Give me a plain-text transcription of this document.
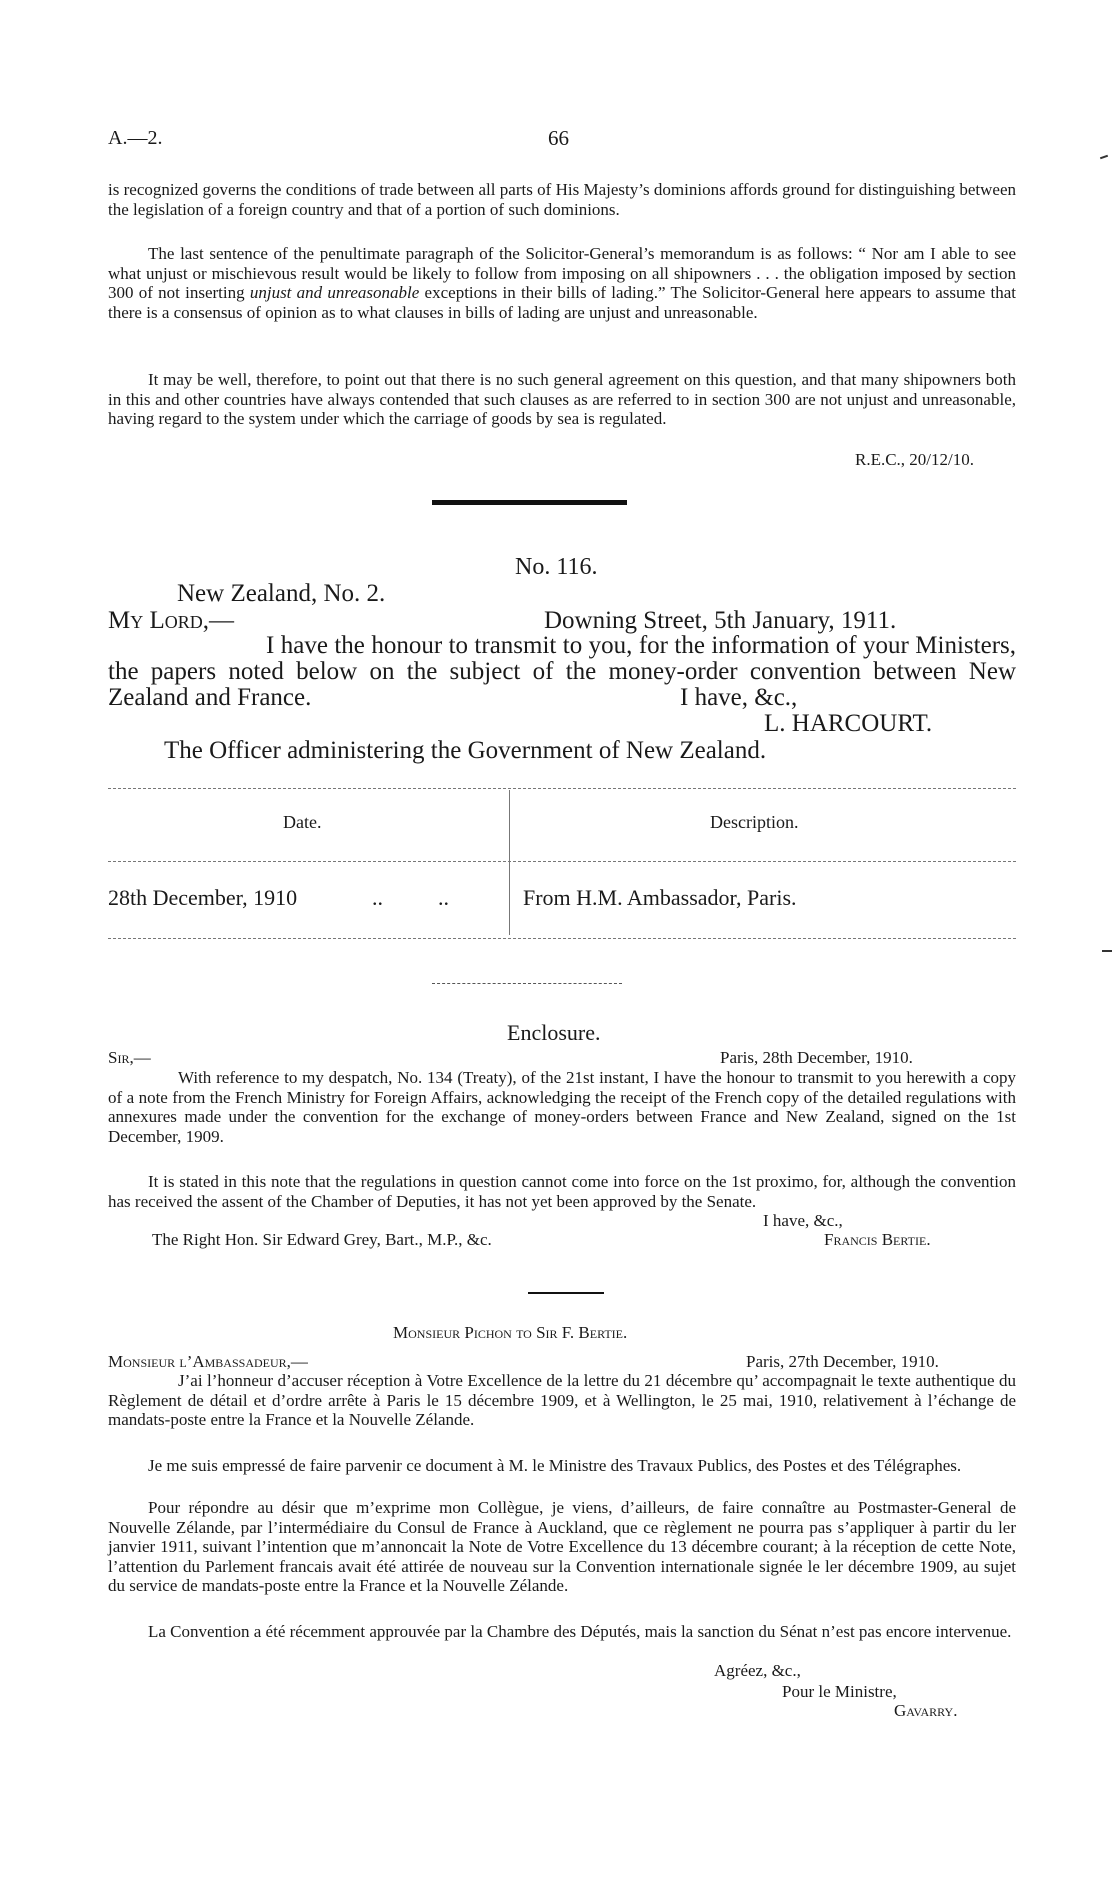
A.—2.	66

is recognized governs the conditions of trade between all parts of His Majesty’s dominions affords ground for distinguishing between the legislation of a foreign country and that of a portion of such dominions.

The last sentence of the penultimate paragraph of the Solicitor-General’s memorandum is as follows: “ Nor am I able to see what unjust or mischievous result would be likely to follow from imposing on all shipowners . . . the obligation imposed by section 300 of not inserting unjust and unreasonable exceptions in their bills of lading.” The Solicitor-General here appears to assume that there is a consensus of opinion as to what clauses in bills of lading are unjust and unreasonable.

It may be well, therefore, to point out that there is no such general agreement on this question, and that many shipowners both in this and other countries have always contended that such clauses as are referred to in section 300 are not unjust and unreasonable, having regard to the system under which the carriage of goods by sea is regulated.

R.E.C., 20/12/10.
No. 116.
New Zealand, No. 2.
My Lord,—	Downing Street, 5th January, 1911.

I have the honour to transmit to you, for the information of your Ministers, the papers noted below on the subject of the money-order convention between New Zealand and France.	I have, &c.,
L. HARCOURT.
The Officer administering the Government of New Zealand.
Date.	Description.
28th December, 1910	..          ..	From H.M. Ambassador, Paris.
Enclosure.
Sir,—	Paris, 28th December, 1910.

With reference to my despatch, No. 134 (Treaty), of the 21st instant, I have the honour to transmit to you herewith a copy of a note from the French Ministry for Foreign Affairs, acknowledging the receipt of the French copy of the detailed regulations with annexures made under the convention for the exchange of money-orders between France and New Zealand, signed on the 1st December, 1909.

It is stated in this note that the regulations in question cannot come into force on the 1st proximo, for, although the convention has received the assent of the Chamber of Deputies, it has not yet been approved by the Senate.

I have, &c.,
The Right Hon. Sir Edward Grey, Bart., M.P., &c.	Francis Bertie.
Monsieur Pichon to Sir F. Bertie.
Monsieur l’Ambassadeur,—	Paris, 27th December, 1910.

J’ai l’honneur d’accuser réception à Votre Excellence de la lettre du 21 décembre qu’ accompagnait le texte authentique du Règlement de détail et d’ordre arrête à Paris le 15 décembre 1909, et à Wellington, le 25 mai, 1910, relativement à l’échange de mandats-poste entre la France et la Nouvelle Zélande.

Je me suis empressé de faire parvenir ce document à M. le Ministre des Travaux Publics, des Postes et des Télégraphes.

Pour répondre au désir que m’exprime mon Collègue, je viens, d’ailleurs, de faire connaître au Postmaster-General de Nouvelle Zélande, par l’intermédiaire du Consul de France à Auckland, que ce règlement ne pourra pas s’appliquer à partir du ler janvier 1911, suivant l’intention que m’annoncait la Note de Votre Excellence du 13 décembre courant; à la réception de cette Note, l’attention du Parlement francais avait été attirée de nouveau sur la Convention internationale signée le ler décembre 1909, au sujet du service de mandats-poste entre la France et la Nouvelle Zélande.

La Convention a été récemment approuvée par la Chambre des Députés, mais la sanction du Sénat n’est pas encore intervenue.

Agréez, &c.,
Pour le Ministre,
Gavarry.
